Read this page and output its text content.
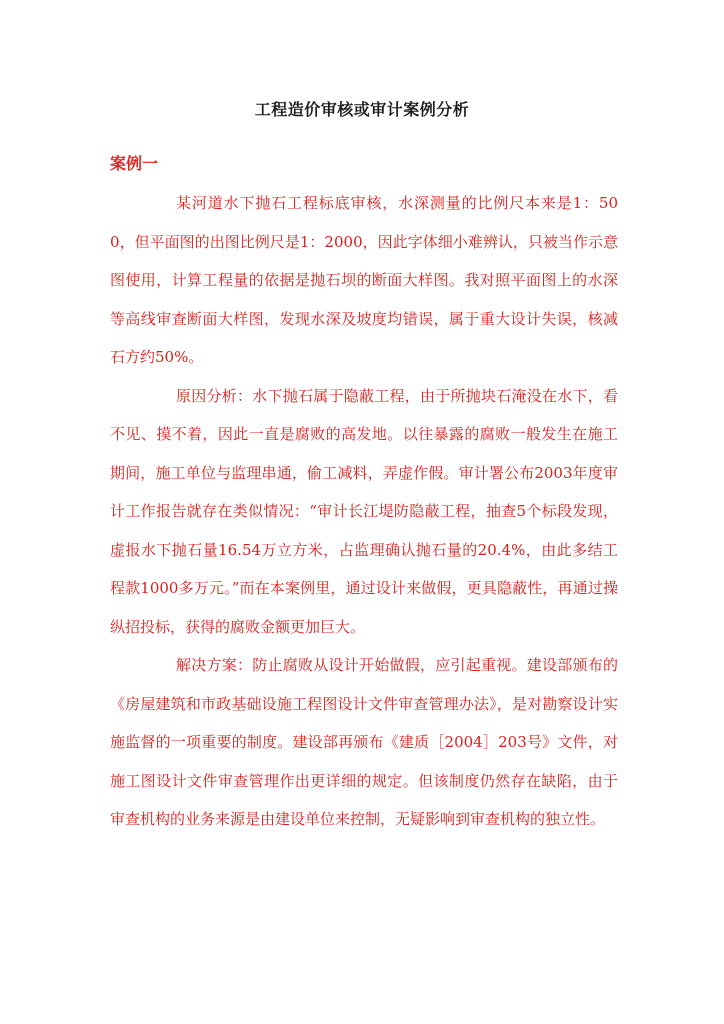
工程造价审核或审计案例分析
案例一

某河道水下抛石工程标底审核，水深测量的比例尺本来是1：500，但平面图的出图比例尺是1：2000，因此字体细小难辨认，只被当作示意图使用，计算工程量的依据是抛石坝的断面大样图。我对照平面图上的水深等高线审查断面大样图，发现水深及坡度均错误，属于重大设计失误，核减石方约50%。

原因分析：水下抛石属于隐蔽工程，由于所抛块石淹没在水下，看不见、摸不着，因此一直是腐败的高发地。以往暴露的腐败一般发生在施工期间，施工单位与监理串通，偷工减料，弄虚作假。审计署公布2003年度审计工作报告就存在类似情况：“审计长江堤防隐蔽工程，抽查5个标段发现，虚报水下抛石量16.54万立方米，占监理确认抛石量的20.4%，由此多结工程款1000多万元。”而在本案例里，通过设计来做假，更具隐蔽性，再通过操纵招投标，获得的腐败金额更加巨大。

解决方案：防止腐败从设计开始做假，应引起重视。建设部颁布的《房屋建筑和市政基础设施工程图设计文件审查管理办法》，是对勘察设计实施监督的一项重要的制度。建设部再颁布《建质［2004］203号》文件，对施工图设计文件审查管理作出更详细的规定。但该制度仍然存在缺陷，由于审查机构的业务来源是由建设单位来控制，无疑影响到审查机构的独立性。
